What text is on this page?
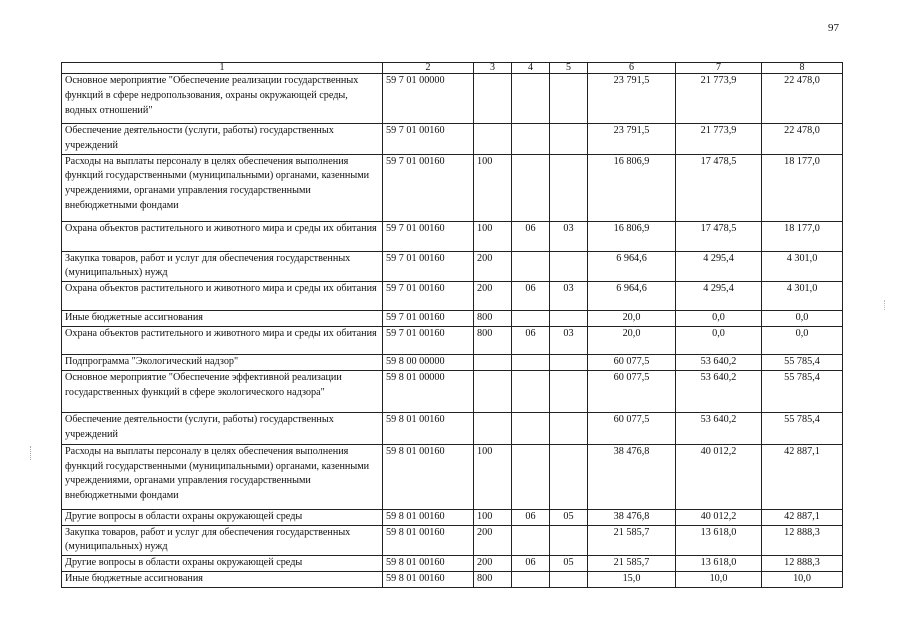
97
1	2	3	4	5	6	7	8
Основное мероприятие "Обеспечение реализации государственных функций в сфере недропользования, охраны окружающей среды, водных отношений"	59 7 01 00000				23 791,5	21 773,9	22 478,0
Обеспечение деятельности (услуги, работы) государственных учреждений	59 7 01 00160				23 791,5	21 773,9	22 478,0
Расходы на выплаты персоналу в целях обеспечения выполнения функций государственными (муниципальными) органами, казенными учреждениями, органами управления государственными внебюджетными фондами	59 7 01 00160	100			16 806,9	17 478,5	18 177,0
Охрана объектов растительного и животного мира и среды их обитания	59 7 01 00160	100	06	03	16 806,9	17 478,5	18 177,0
Закупка товаров, работ и услуг для обеспечения государственных (муниципальных) нужд	59 7 01 00160	200			6 964,6	4 295,4	4 301,0
Охрана объектов растительного и животного мира и среды их обитания	59 7 01 00160	200	06	03	6 964,6	4 295,4	4 301,0
Иные бюджетные ассигнования	59 7 01 00160	800			20,0	0,0	0,0
Охрана объектов растительного и животного мира и среды их обитания	59 7 01 00160	800	06	03	20,0	0,0	0,0
Подпрограмма "Экологический надзор"	59 8 00 00000				60 077,5	53 640,2	55 785,4
Основное мероприятие "Обеспечение эффективной реализации государственных функций в сфере экологического надзора"	59 8 01 00000				60 077,5	53 640,2	55 785,4
Обеспечение деятельности (услуги, работы) государственных учреждений	59 8 01 00160				60 077,5	53 640,2	55 785,4
Расходы на выплаты персоналу в целях обеспечения выполнения функций государственными (муниципальными) органами, казенными учреждениями, органами управления государственными внебюджетными фондами	59 8 01 00160	100			38 476,8	40 012,2	42 887,1
Другие вопросы в области охраны окружающей среды	59 8 01 00160	100	06	05	38 476,8	40 012,2	42 887,1
Закупка товаров, работ и услуг для обеспечения государственных (муниципальных) нужд	59 8 01 00160	200			21 585,7	13 618,0	12 888,3
Другие вопросы в области охраны окружающей среды	59 8 01 00160	200	06	05	21 585,7	13 618,0	12 888,3
Иные бюджетные ассигнования	59 8 01 00160	800			15,0	10,0	10,0
